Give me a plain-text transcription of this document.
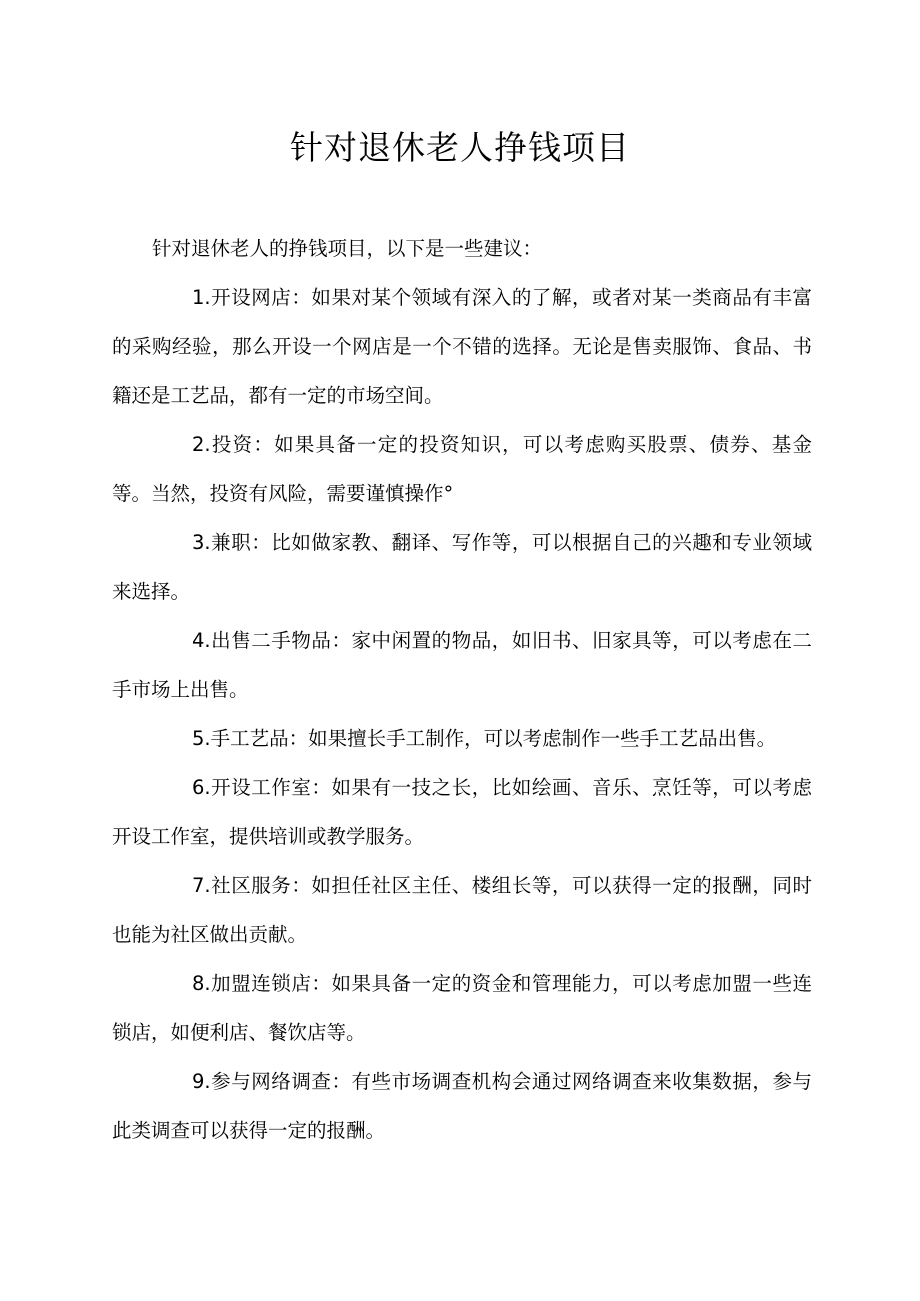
针对退休老人挣钱项目

针对退休老人的挣钱项目，以下是一些建议：

1.开设网店：如果对某个领域有深入的了解，或者对某一类商品有丰富的采购经验，那么开设一个网店是一个不错的选择。无论是售卖服饰、食品、书籍还是工艺品，都有一定的市场空间。

2.投资：如果具备一定的投资知识，可以考虑购买股票、债券、基金等。当然，投资有风险，需要谨慎操作°

3.兼职：比如做家教、翻译、写作等，可以根据自己的兴趣和专业领域来选择。

4.出售二手物品：家中闲置的物品，如旧书、旧家具等，可以考虑在二手市场上出售。

5.手工艺品：如果擅长手工制作，可以考虑制作一些手工艺品出售。

6.开设工作室：如果有一技之长，比如绘画、音乐、烹饪等，可以考虑开设工作室，提供培训或教学服务。

7.社区服务：如担任社区主任、楼组长等，可以获得一定的报酬，同时也能为社区做出贡献。

8.加盟连锁店：如果具备一定的资金和管理能力，可以考虑加盟一些连锁店，如便利店、餐饮店等。

9.参与网络调查：有些市场调查机构会通过网络调查来收集数据，参与此类调查可以获得一定的报酬。
